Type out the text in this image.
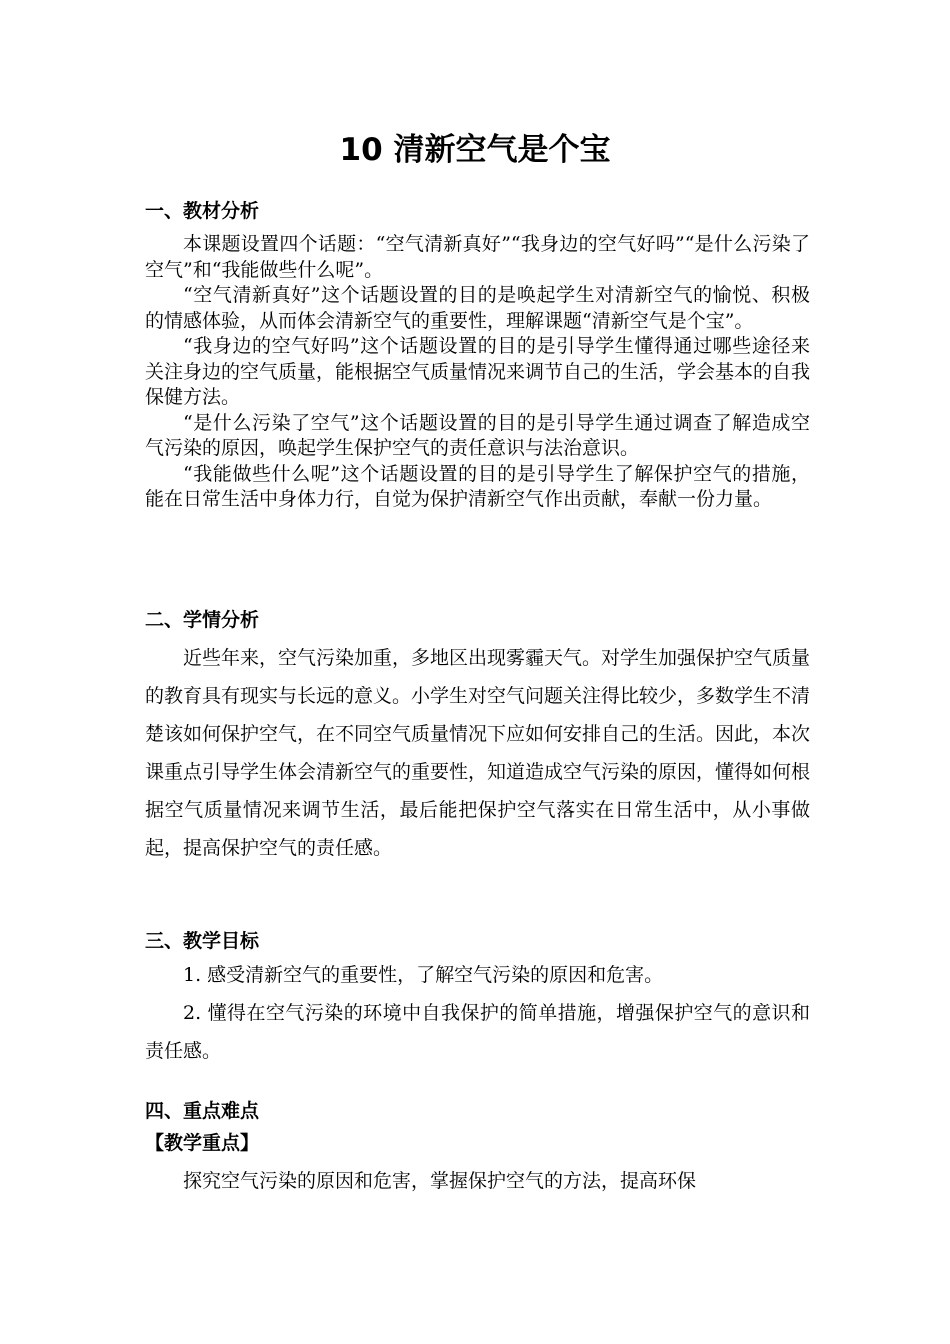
10 清新空气是个宝
一、教材分析

本课题设置四个话题：“空气清新真好”“我身边的空气好吗”“是什么污染了空气”和“我能做些什么呢”。

“空气清新真好”这个话题设置的目的是唤起学生对清新空气的愉悦、积极的情感体验，从而体会清新空气的重要性，理解课题“清新空气是个宝”。

“我身边的空气好吗”这个话题设置的目的是引导学生懂得通过哪些途径来关注身边的空气质量，能根据空气质量情况来调节自己的生活，学会基本的自我保健方法。

“是什么污染了空气”这个话题设置的目的是引导学生通过调查了解造成空气污染的原因，唤起学生保护空气的责任意识与法治意识。

“我能做些什么呢”这个话题设置的目的是引导学生了解保护空气的措施，能在日常生活中身体力行，自觉为保护清新空气作出贡献，奉献一份力量。

二、学情分析

近些年来，空气污染加重，多地区出现雾霾天气。对学生加强保护空气质量的教育具有现实与长远的意义。小学生对空气问题关注得比较少，多数学生不清楚该如何保护空气，在不同空气质量情况下应如何安排自己的生活。因此，本次课重点引导学生体会清新空气的重要性，知道造成空气污染的原因，懂得如何根据空气质量情况来调节生活，最后能把保护空气落实在日常生活中，从小事做起，提高保护空气的责任感。

三、教学目标

1. 感受清新空气的重要性，了解空气污染的原因和危害。

2. 懂得在空气污染的环境中自我保护的简单措施，增强保护空气的意识和责任感。

四、重点难点
【教学重点】

探究空气污染的原因和危害，掌握保护空气的方法，提高环保
